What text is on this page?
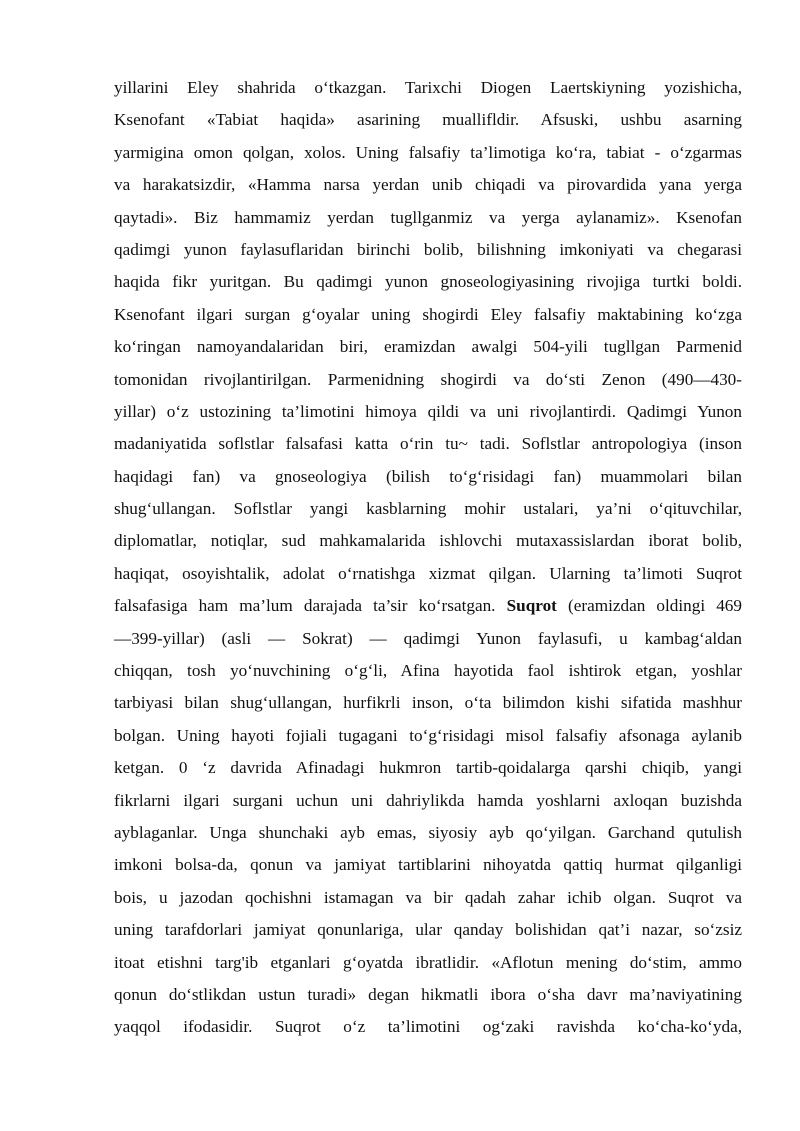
yillarini Eley shahrida o‘tkazgan. Tarixchi Diogen Laertskiyning yozishicha,
Ksenofant «Tabiat haqida» asarining muallifldir. Afsuski, ushbu asarning
yarmigina omon qolgan, xolos. Uning falsafiy ta’limotiga ko‘ra, tabiat - o‘zgarmas
va harakatsizdir, «Hamma narsa yerdan unib chiqadi va pirovardida yana yerga
qaytadi». Biz hammamiz yerdan tugllganmiz va yerga aylanamiz». Ksenofan
qadimgi yunon faylasuflaridan birinchi bolib, bilishning imkoniyati va chegarasi
haqida fikr yuritgan. Bu qadimgi yunon gnoseologiyasining rivojiga turtki boldi.
Ksenofant ilgari surgan g‘oyalar uning shogirdi Eley falsafiy maktabining ko‘zga
ko‘ringan namoyandalaridan biri, eramizdan awalgi 504-yili tugllgan Parmenid
tomonidan rivojlantirilgan. Parmenidning shogirdi va do‘sti Zenon (490—430-
yillar) o‘z ustozining ta’limotini himoya qildi va uni rivojlantirdi. Qadimgi Yunon
madaniyatida soflstlar falsafasi katta o‘rin tu~ tadi. Soflstlar antropologiya (inson
haqidagi fan) va gnoseologiya (bilish to‘g‘risidagi fan) muammolari bilan
shug‘ullangan. Soflstlar yangi kasblarning mohir ustalari, ya’ni o‘qituvchilar,
diplomatlar, notiqlar, sud mahkamalarida ishlovchi mutaxassislardan iborat bolib,
haqiqat, osoyishtalik, adolat o‘rnatishga xizmat qilgan. Ularning ta’limoti Suqrot
falsafasiga ham ma’lum darajada ta’sir ko‘rsatgan. Suqrot (eramizdan oldingi 469
—399-yillar) (asli — Sokrat) — qadimgi Yunon faylasufi, u kambag‘aldan
chiqqan, tosh yo‘nuvchining o‘g‘li, Afina hayotida faol ishtirok etgan, yoshlar
tarbiyasi bilan shug‘ullangan, hurfikrli inson, o‘ta bilimdon kishi sifatida mashhur
bolgan. Uning hayoti fojiali tugagani to‘g‘risidagi misol falsafiy afsonaga aylanib
ketgan. 0 ‘z davrida Afinadagi hukmron tartib-qoidalarga qarshi chiqib, yangi
fikrlarni ilgari surgani uchun uni dahriylikda hamda yoshlarni axloqan buzishda
ayblaganlar. Unga shunchaki ayb emas, siyosiy ayb qo‘yilgan. Garchand qutulish
imkoni bolsa-da, qonun va jamiyat tartiblarini nihoyatda qattiq hurmat qilganligi
bois, u jazodan qochishni istamagan va bir qadah zahar ichib olgan. Suqrot va
uning tarafdorlari jamiyat qonunlariga, ular qanday bolishidan qat’i nazar, so‘zsiz
itoat etishni targ'ib etganlari g‘oyatda ibratlidir. «Aflotun mening do‘stim, ammo
qonun do‘stlikdan ustun turadi» degan hikmatli ibora o‘sha davr ma’naviyatining
yaqqol ifodasidir. Suqrot o‘z ta’limotini og‘zaki ravishda ko‘cha-ko‘yda,
